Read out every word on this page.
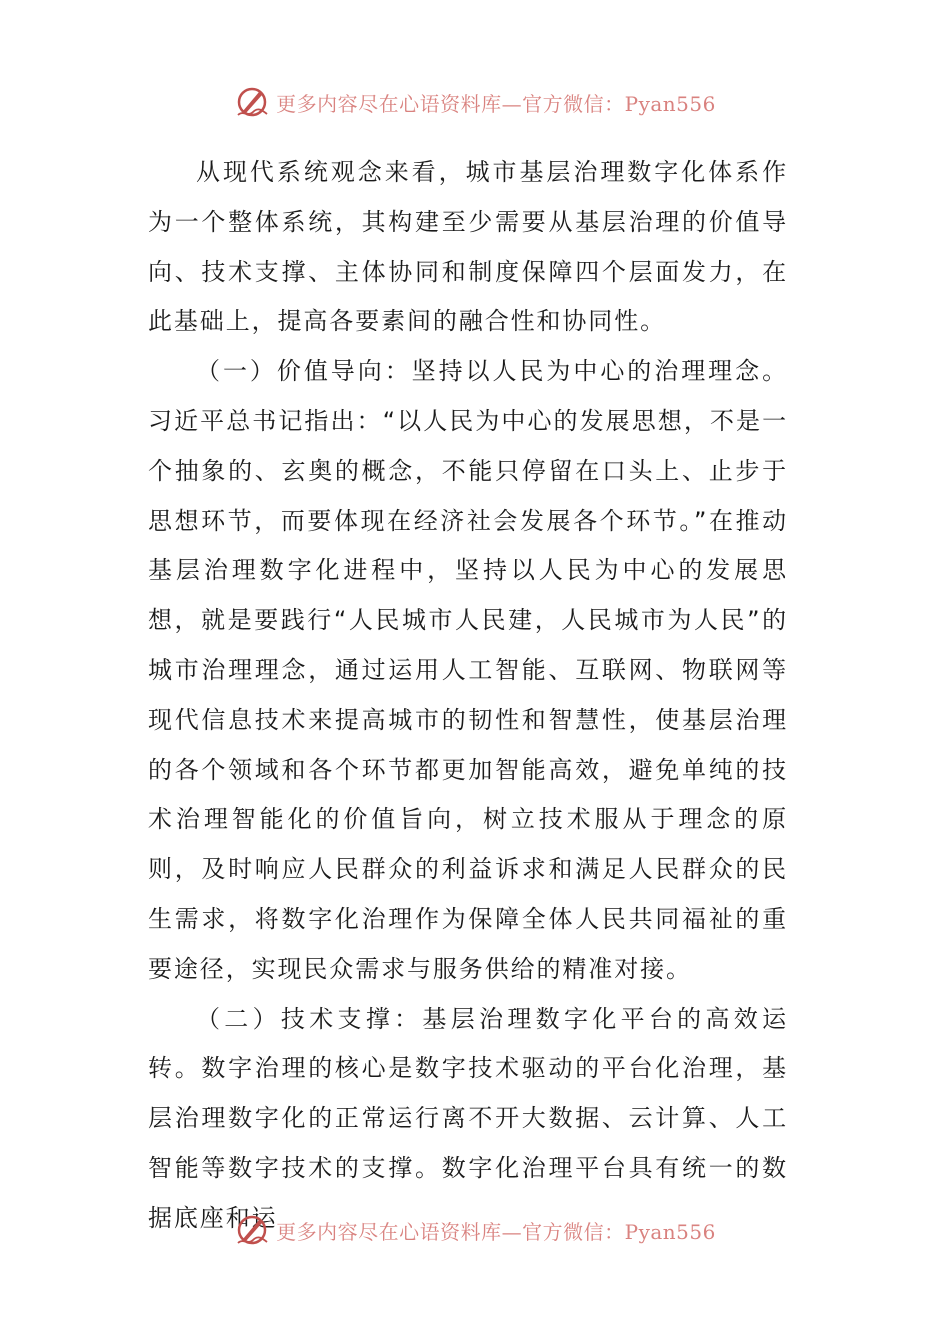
更多内容尽在心语资料库—官方微信：Pyan556

从现代系统观念来看，城市基层治理数字化体系作为一个整体系统，其构建至少需要从基层治理的价值导向、技术支撑、主体协同和制度保障四个层面发力，在此基础上，提高各要素间的融合性和协同性。

（一）价值导向：坚持以人民为中心的治理理念。习近平总书记指出：“以人民为中心的发展思想，不是一个抽象的、玄奥的概念，不能只停留在口头上、止步于思想环节，而要体现在经济社会发展各个环节。”在推动基层治理数字化进程中，坚持以人民为中心的发展思想，就是要践行“人民城市人民建，人民城市为人民”的城市治理理念，通过运用人工智能、互联网、物联网等现代信息技术来提高城市的韧性和智慧性，使基层治理的各个领域和各个环节都更加智能高效，避免单纯的技术治理智能化的价值旨向，树立技术服从于理念的原则，及时响应人民群众的利益诉求和满足人民群众的民生需求，将数字化治理作为保障全体人民共同福祉的重要途径，实现民众需求与服务供给的精准对接。

（二）技术支撑：基层治理数字化平台的高效运转。数字治理的核心是数字技术驱动的平台化治理，基层治理数字化的正常运行离不开大数据、云计算、人工智能等数字技术的支撑。数字化治理平台具有统一的数据底座和运

更多内容尽在心语资料库—官方微信：Pyan556
